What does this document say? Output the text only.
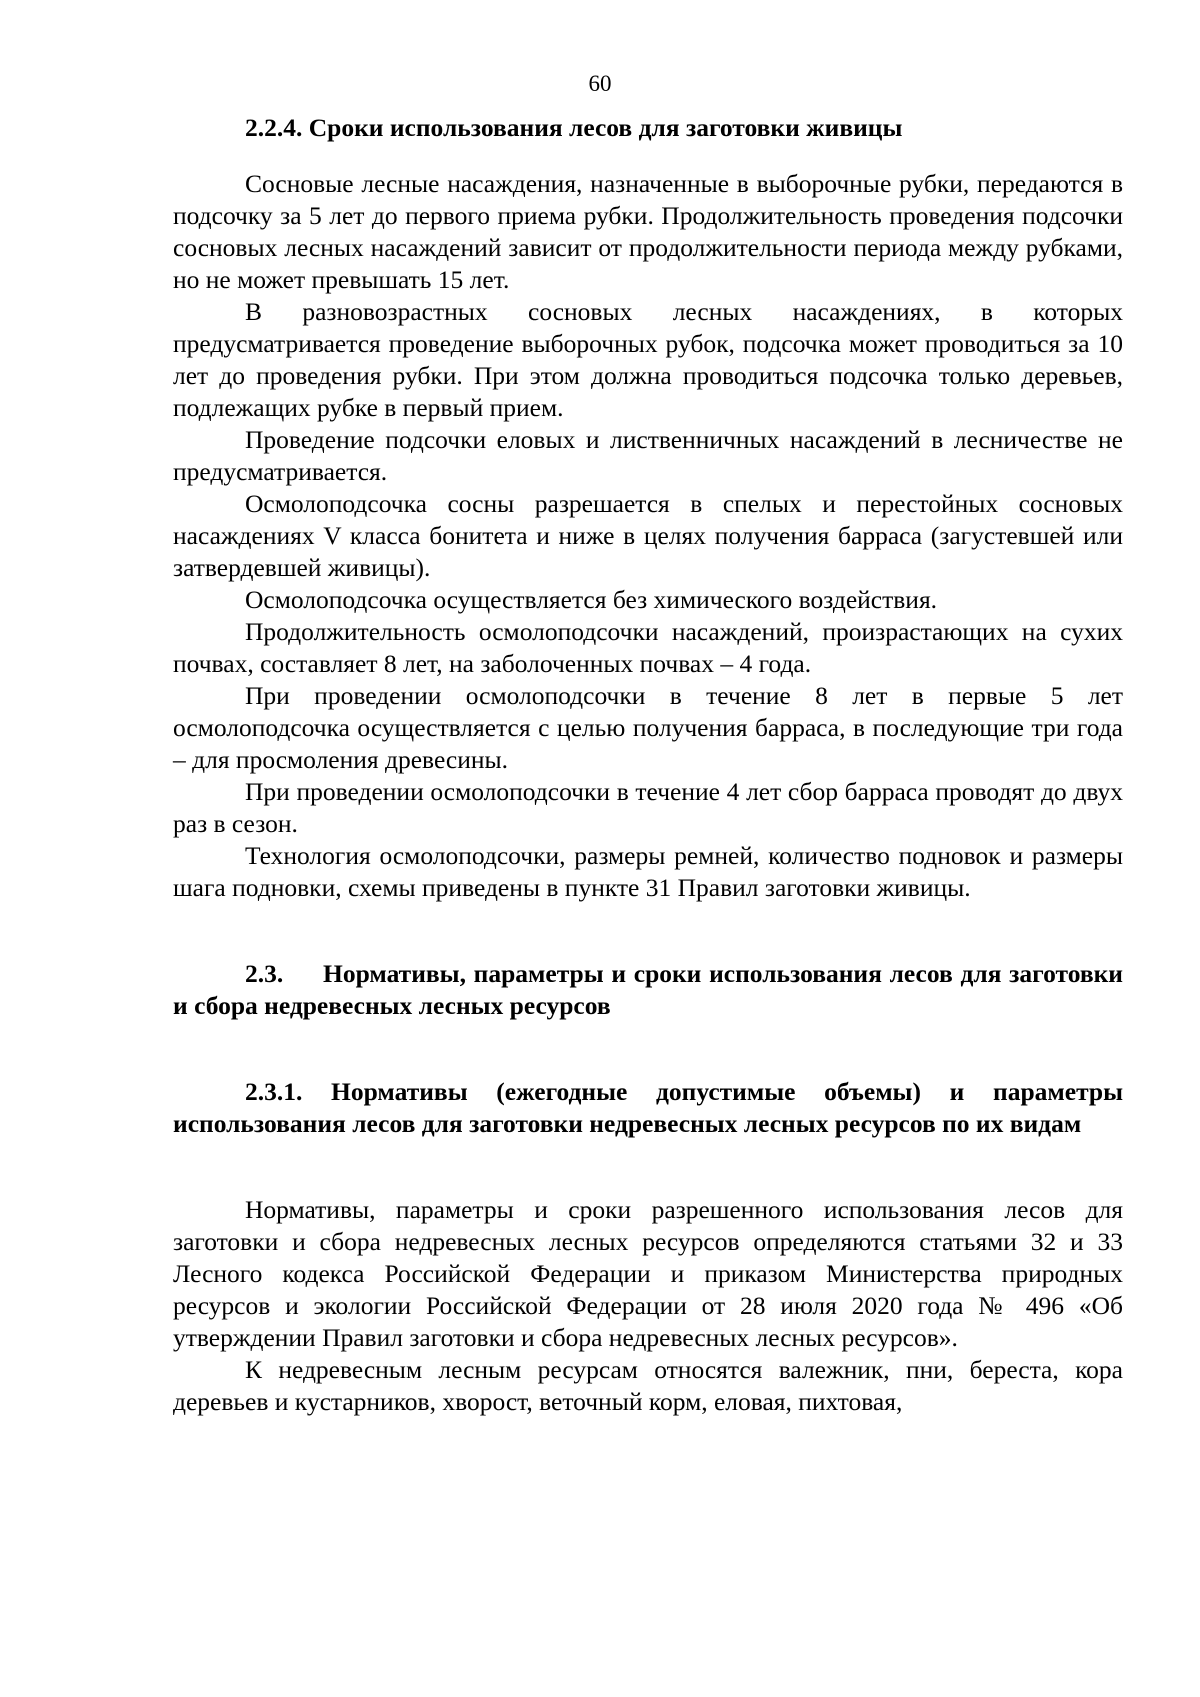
60

2.2.4. Сроки использования лесов для заготовки живицы

Сосновые лесные насаждения, назначенные в выборочные рубки, передаются в подсочку за 5 лет до первого приема рубки. Продолжительность проведения подсочки сосновых лесных насаждений зависит от продолжительности периода между рубками, но не может превышать 15 лет.

В разновозрастных сосновых лесных насаждениях, в которых предусматривается проведение выборочных рубок, подсочка может проводиться за 10 лет до проведения рубки. При этом должна проводиться подсочка только деревьев, подлежащих рубке в первый прием.

Проведение подсочки еловых и лиственничных насаждений в лесничестве не предусматривается.

Осмолоподсочка сосны разрешается в спелых и перестойных сосновых насаждениях V класса бонитета и ниже в целях получения барраса (загустевшей или затвердевшей живицы).

Осмолоподсочка осуществляется без химического воздействия.

Продолжительность осмолоподсочки насаждений, произрастающих на сухих почвах, составляет 8 лет, на заболоченных почвах – 4 года.

При проведении осмолоподсочки в течение 8 лет в первые 5 лет осмолоподсочка осуществляется с целью получения барраса, в последующие три года – для просмоления древесины.

При проведении осмолоподсочки в течение 4 лет сбор барраса проводят до двух раз в сезон.

Технология осмолоподсочки, размеры ремней, количество подновок и размеры шага подновки, схемы приведены в пункте 31 Правил заготовки живицы.

2.3. Нормативы, параметры и сроки использования лесов для заготовки и сбора недревесных лесных ресурсов

2.3.1. Нормативы (ежегодные допустимые объемы) и параметры использования лесов для заготовки недревесных лесных ресурсов по их видам

Нормативы, параметры и сроки разрешенного использования лесов для заготовки и сбора недревесных лесных ресурсов определяются статьями 32 и 33 Лесного кодекса Российской Федерации и приказом Министерства природных ресурсов и экологии Российской Федерации от 28 июля 2020 года № 496 «Об утверждении Правил заготовки и сбора недревесных лесных ресурсов».

К недревесным лесным ресурсам относятся валежник, пни, береста, кора деревьев и кустарников, хворост, веточный корм, еловая, пихтовая,
